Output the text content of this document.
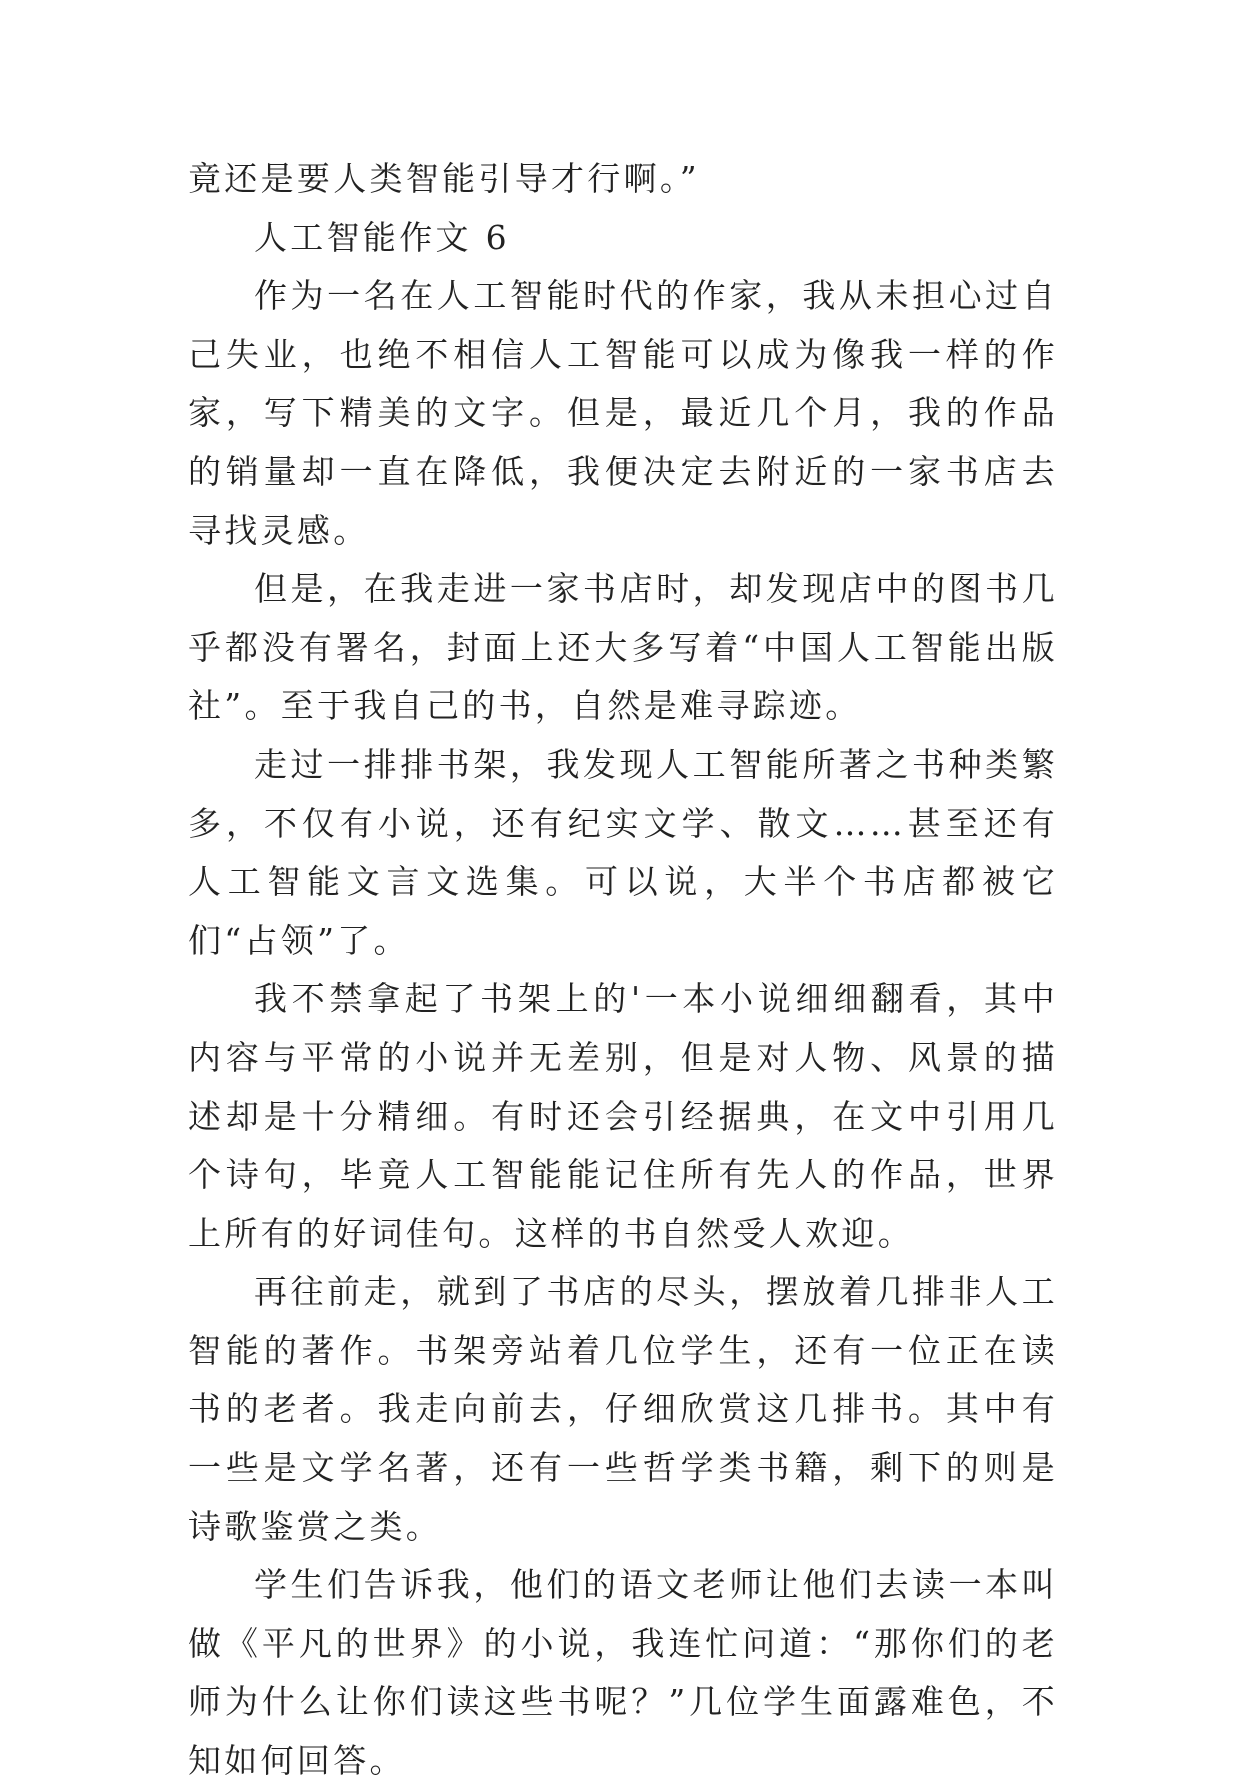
竟还是要人类智能引导才行啊。”

人工智能作文 6

作为一名在人工智能时代的作家，我从未担心过自己失业，也绝不相信人工智能可以成为像我一样的作家，写下精美的文字。但是，最近几个月，我的作品的销量却一直在降低，我便决定去附近的一家书店去寻找灵感。

但是，在我走进一家书店时，却发现店中的图书几乎都没有署名，封面上还大多写着“中国人工智能出版社”。至于我自己的书，自然是难寻踪迹。

走过一排排书架，我发现人工智能所著之书种类繁多，不仅有小说，还有纪实文学、散文……甚至还有人工智能文言文选集。可以说，大半个书店都被它们“占领”了。

我不禁拿起了书架上的'一本小说细细翻看，其中内容与平常的小说并无差别，但是对人物、风景的描述却是十分精细。有时还会引经据典，在文中引用几个诗句，毕竟人工智能能记住所有先人的作品，世界上所有的好词佳句。这样的书自然受人欢迎。

再往前走，就到了书店的尽头，摆放着几排非人工智能的著作。书架旁站着几位学生，还有一位正在读书的老者。我走向前去，仔细欣赏这几排书。其中有一些是文学名著，还有一些哲学类书籍，剩下的则是诗歌鉴赏之类。

学生们告诉我，他们的语文老师让他们去读一本叫做《平凡的世界》的小说，我连忙问道：“那你们的老师为什么让你们读这些书呢？”几位学生面露难色，不知如何回答。
